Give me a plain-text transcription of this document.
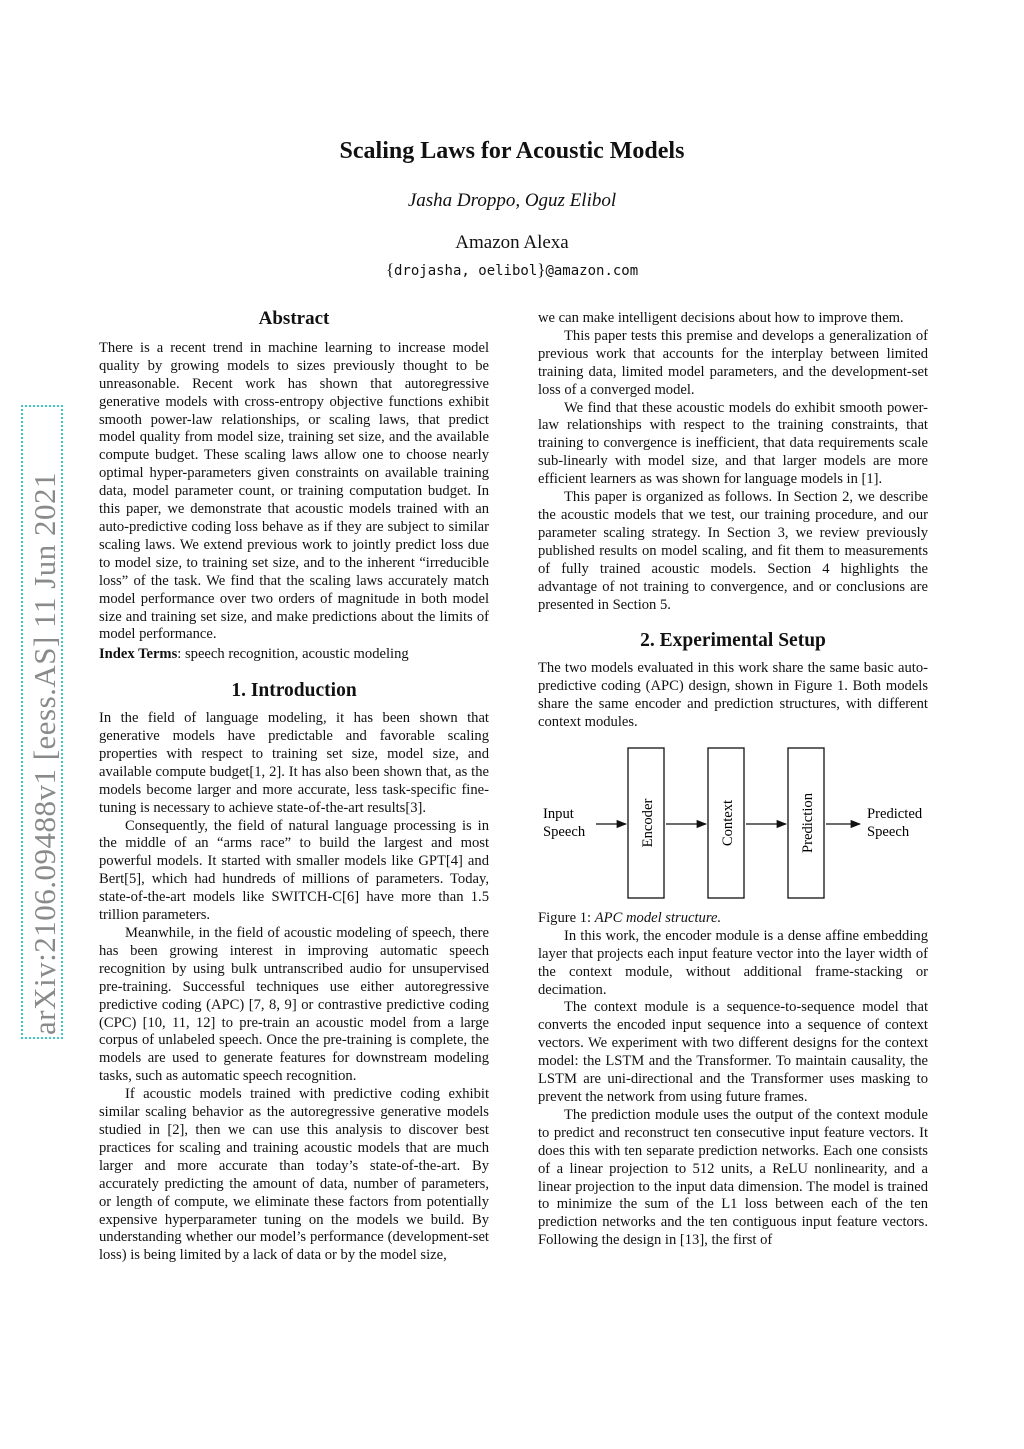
arXiv:2106.09488v1 [eess.AS] 11 Jun 2021
Scaling Laws for Acoustic Models
Jasha Droppo, Oguz Elibol
Amazon Alexa
{drojasha, oelibol}@amazon.com
Abstract

There is a recent trend in machine learning to increase model quality by growing models to sizes previously thought to be unreasonable. Recent work has shown that autoregressive generative models with cross-entropy objective functions exhibit smooth power-law relationships, or scaling laws, that predict model quality from model size, training set size, and the available compute budget. These scaling laws allow one to choose nearly optimal hyper-parameters given constraints on available training data, model parameter count, or training computation budget. In this paper, we demonstrate that acoustic models trained with an auto-predictive coding loss behave as if they are subject to similar scaling laws. We extend previous work to jointly predict loss due to model size, to training set size, and to the inherent “irreducible loss” of the task. We find that the scaling laws accurately match model performance over two orders of magnitude in both model size and training set size, and make predictions about the limits of model performance.

Index Terms: speech recognition, acoustic modeling

1. Introduction

In the field of language modeling, it has been shown that generative models have predictable and favorable scaling properties with respect to training set size, model size, and available compute budget[1, 2]. It has also been shown that, as the models become larger and more accurate, less task-specific fine-tuning is necessary to achieve state-of-the-art results[3].

Consequently, the field of natural language processing is in the middle of an “arms race” to build the largest and most powerful models. It started with smaller models like GPT[4] and Bert[5], which had hundreds of millions of parameters. Today, state-of-the-art models like SWITCH-C[6] have more than 1.5 trillion parameters.

Meanwhile, in the field of acoustic modeling of speech, there has been growing interest in improving automatic speech recognition by using bulk untranscribed audio for unsupervised pre-training. Successful techniques use either autoregressive predictive coding (APC) [7, 8, 9] or contrastive predictive coding (CPC) [10, 11, 12] to pre-train an acoustic model from a large corpus of unlabeled speech. Once the pre-training is complete, the models are used to generate features for downstream modeling tasks, such as automatic speech recognition.

If acoustic models trained with predictive coding exhibit similar scaling behavior as the autoregressive generative models studied in [2], then we can use this analysis to discover best practices for scaling and training acoustic models that are much larger and more accurate than today’s state-of-the-art. By accurately predicting the amount of data, number of parameters, or length of compute, we eliminate these factors from potentially expensive hyperparameter tuning on the models we build. By understanding whether our model’s performance (development-set loss) is being limited by a lack of data or by the model size,

we can make intelligent decisions about how to improve them.

This paper tests this premise and develops a generalization of previous work that accounts for the interplay between limited training data, limited model parameters, and the development-set loss of a converged model.

We find that these acoustic models do exhibit smooth power-law relationships with respect to the training constraints, that training to convergence is inefficient, that data requirements scale sub-linearly with model size, and that larger models are more efficient learners as was shown for language models in [1].

This paper is organized as follows. In Section 2, we describe the acoustic models that we test, our training procedure, and our parameter scaling strategy. In Section 3, we review previously published results on model scaling, and fit them to measurements of fully trained acoustic models. Section 4 highlights the advantage of not training to convergence, and or conclusions are presented in Section 5.

2. Experimental Setup

The two models evaluated in this work share the same basic auto-predictive coding (APC) design, shown in Figure 1. Both models share the same encoder and prediction structures, with different context modules.

Input
Speech	Encoder	Context	Prediction	Predicted
Speech

Figure 1: APC model structure.

In this work, the encoder module is a dense affine embedding layer that projects each input feature vector into the layer width of the context module, without additional frame-stacking or decimation.

The context module is a sequence-to-sequence model that converts the encoded input sequence into a sequence of context vectors. We experiment with two different designs for the context model: the LSTM and the Transformer. To maintain causality, the LSTM are uni-directional and the Transformer uses masking to prevent the network from using future frames.

The prediction module uses the output of the context module to predict and reconstruct ten consecutive input feature vectors. It does this with ten separate prediction networks. Each one consists of a linear projection to 512 units, a ReLU nonlinearity, and a linear projection to the input data dimension. The model is trained to minimize the sum of the L1 loss between each of the ten prediction networks and the ten contiguous input feature vectors. Following the design in [13], the first of
